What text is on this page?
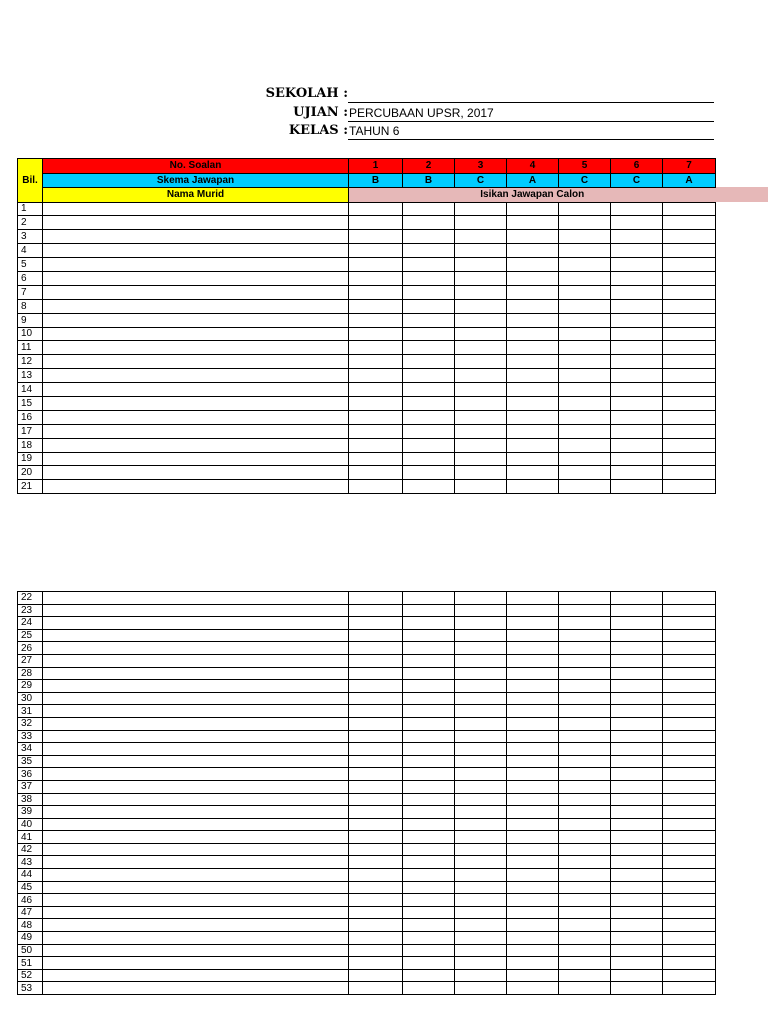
SEKOLAH :
UJIAN : PERCUBAAN UPSR, 2017
KELAS : TAHUN 6
Bil.	No. Soalan	1	2	3	4	5	6	7
	Skema Jawapan	B	B	C	A	C	C	A
	Nama Murid	Isikan Jawapan Calon						
1								
2								
3								
4								
5								
6								
7								
8								
9								
10								
11								
12								
13								
14								
15								
16								
17								
18								
19								
20								
21								
22								
23								
24								
25								
26								
27								
28								
29								
30								
31								
32								
33								
34								
35								
36								
37								
38								
39								
40								
41								
42								
43								
44								
45								
46								
47								
48								
49								
50								
51								
52								
53								
